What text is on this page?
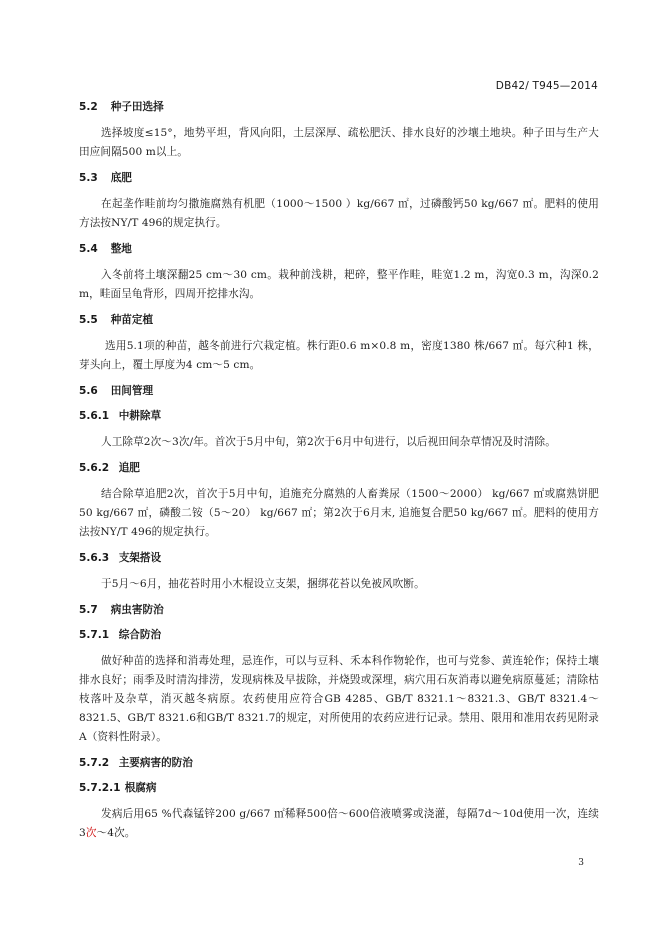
DB42/ T945—2014
5.2 种子田选择

选择坡度≤15°，地势平坦，背风向阳，土层深厚、疏松肥沃、排水良好的沙壤土地块。种子田与生产大田应间隔500 m以上。

5.3 底肥

在起垄作畦前均匀撒施腐熟有机肥（1000～1500 ）kg/667 ㎡，过磷酸钙50 kg/667 ㎡。肥料的使用方法按NY/T 496的规定执行。

5.4 整地

入冬前将土壤深翻25 cm～30 cm。栽种前浅耕，耙碎，整平作畦，畦宽1.2 m，沟宽0.3 m，沟深0.2 m，畦面呈龟背形，四周开挖排水沟。

5.5 种苗定植

选用5.1项的种苗，越冬前进行穴栽定植。株行距0.6 m×0.8 m，密度1380 株/667 ㎡。每穴种1 株，芽头向上，覆土厚度为4 cm～5 cm。

5.6 田间管理
5.6.1 中耕除草

人工除草2次～3次/年。首次于5月中旬，第2次于6月中旬进行，以后视田间杂草情况及时清除。

5.6.2 追肥

结合除草追肥2次，首次于5月中旬，追施充分腐熟的人畜粪尿（1500～2000） kg/667 ㎡或腐熟饼肥50 kg/667 ㎡，磷酸二铵（5～20） kg/667 ㎡；第2次于6月末, 追施复合肥50 kg/667 ㎡。肥料的使用方法按NY/T 496的规定执行。

5.6.3 支架搭设

于5月～6月，抽花苔时用小木棍设立支架，捆绑花苔以免被风吹断。

5.7 病虫害防治
5.7.1 综合防治

做好种苗的选择和消毒处理，忌连作，可以与豆科、禾本科作物轮作，也可与党参、黄连轮作；保持土壤排水良好；雨季及时清沟排涝，发现病株及早拔除，并烧毁或深埋，病穴用石灰消毒以避免病原蔓延；清除枯枝落叶及杂草，消灭越冬病原。农药使用应符合GB 4285、GB/T 8321.1～8321.3、GB/T 8321.4～8321.5、GB/T 8321.6和GB/T 8321.7的规定，对所使用的农药应进行记录。禁用、限用和准用农药见附录A（资料性附录）。

5.7.2 主要病害的防治
5.7.2.1 根腐病

发病后用65 %代森锰锌200 g/667 ㎡稀释500倍～600倍液喷雾或浇灌，每隔7d～10d使用一次，连续3次～4次。

3
